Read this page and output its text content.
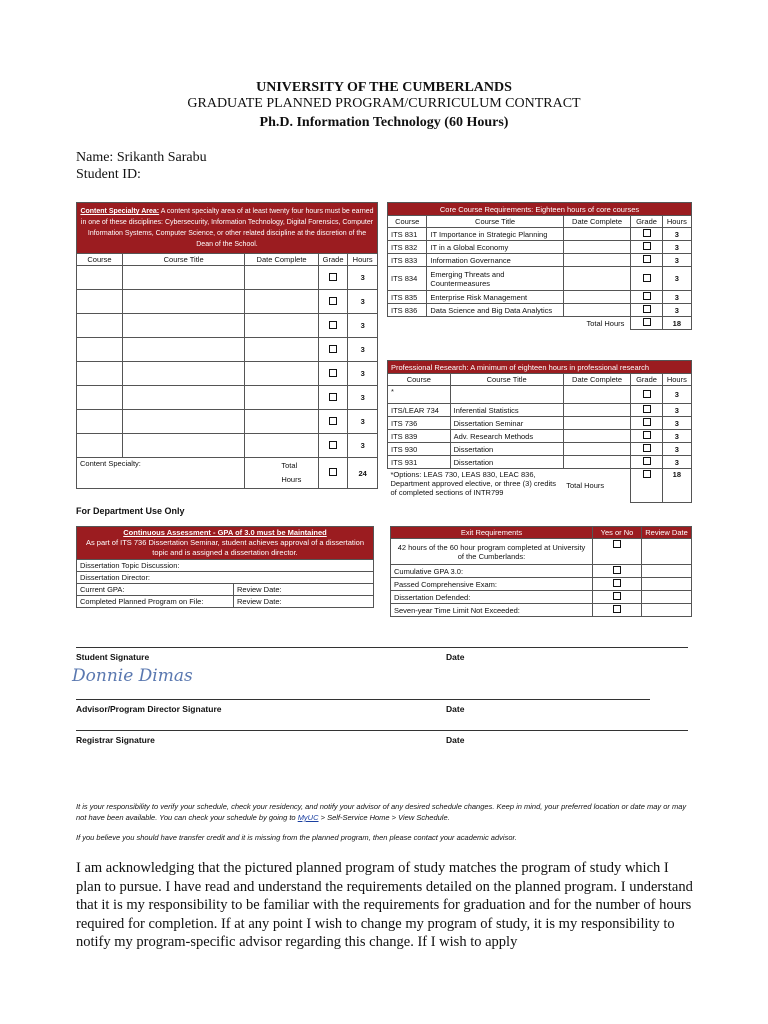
UNIVERSITY OF THE CUMBERLANDS
GRADUATE PLANNED PROGRAM/CURRICULUM CONTRACT
Ph.D. Information Technology (60 Hours)
Name: Srikanth Sarabu
Student ID:
Content Specialty Area: A content specialty area of at least twenty four hours must be earned in one of these disciplines: Cybersecurity, Information Technology, Digital Forensics, Computer Information Systems, Computer Science, or other related discipline at the discretion of the Dean of the School.				
Course	Course Title	Date Complete	Grade	Hours
				3
				3
				3
				3
				3
				3
				3
				3
Content Specialty:		Total Hours		24
Core Course Requirements: Eighteen hours of core courses				
Course	Course Title	Date Complete	Grade	Hours
ITS 831	IT Importance in Strategic Planning			3
ITS 832	IT in a Global Economy			3
ITS 833	Information Governance			3
ITS 834	Emerging Threats and Countermeasures			3
ITS 835	Enterprise Risk Management			3
ITS 836	Data Science and Big Data Analytics			3
Total Hours				18
Professional Research: A minimum of eighteen hours in professional research				
Course	Course Title	Date Complete	Grade	Hours
*				3
ITS/LEAR 734	Inferential Statistics			3
ITS 736	Dissertation Seminar			3
ITS 839	Adv. Research Methods			3
ITS 930	Dissertation			3
ITS 931	Dissertation			3
*Options: LEAS 730, LEAS 830, LEAC 836, Department approved elective, or three (3) credits of completed sections of INTR799		Total Hours		18
For Department Use Only
Continuous Assessment - GPA of 3.0 must be Maintained
As part of ITS 736 Dissertation Seminar, student achieves approval of a dissertation topic and is assigned a dissertation director.	
Dissertation Topic Discussion:	
Dissertation Director:	
Current GPA:	Review Date:
Completed Planned Program on File:	Review Date:
Exit Requirements	Yes or No	Review Date
42 hours of the 60 hour program completed at University of the Cumberlands:		
Cumulative GPA 3.0:		
Passed Comprehensive Exam:		
Dissertation Defended:		
Seven-year Time Limit Not Exceeded:		
Student Signature	Date
Donnie Dimas
Advisor/Program Director Signature	Date
Registrar Signature	Date
It is your responsibility to verify your schedule, check your residency, and notify your advisor of any desired schedule changes. Keep in mind, your preferred location or date may or may not have been available. You can check your schedule by going to MyUC > Self-Service Home > View Schedule.
If you believe you should have transfer credit and it is missing from the planned program, then please contact your academic advisor.
I am acknowledging that the pictured planned program of study matches the program of study which I plan to pursue. I have read and understand the requirements detailed on the planned program. I understand that it is my responsibility to be familiar with the requirements for graduation and for the number of hours required for completion. If at any point I wish to change my program of study, it is my responsibility to notify my program-specific advisor regarding this change. If I wish to apply
